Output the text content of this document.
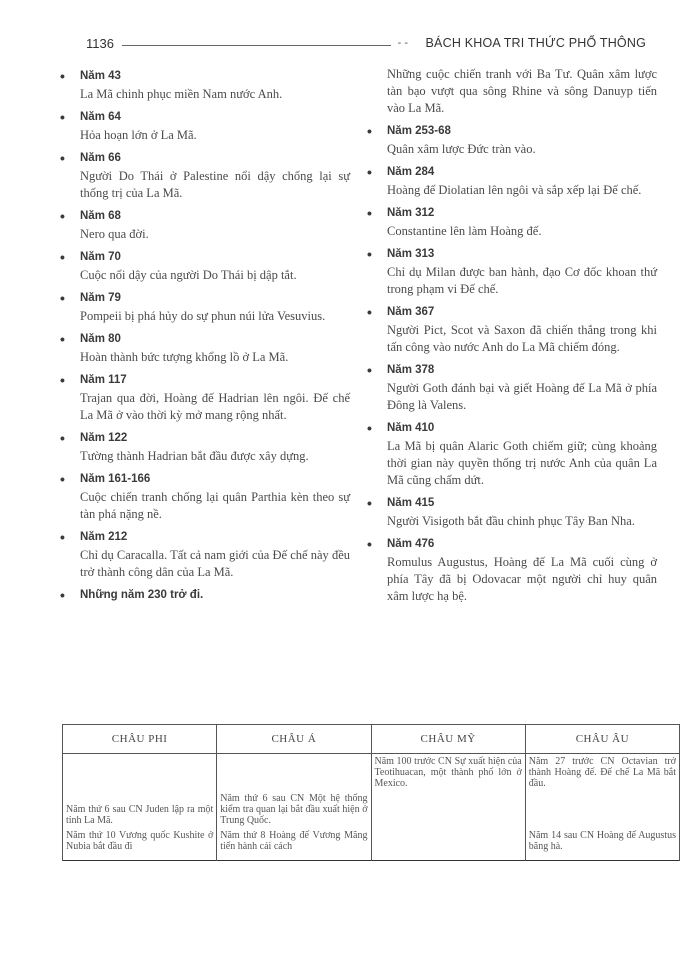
1136	- - BÁCH KHOA TRI THỨC PHỔ THÔNG
• Năm 43

La Mã chinh phục miền Nam nước Anh.

• Năm 64

Hỏa hoạn lớn ở La Mã.

• Năm 66

Người Do Thái ở Palestine nổi dậy chống lại sự thống trị của La Mã.

• Năm 68

Nero qua đời.

• Năm 70

Cuộc nổi dậy của người Do Thái bị dập tắt.

• Năm 79

Pompeii bị phá hủy do sự phun núi lửa Vesuvius.

• Năm 80

Hoàn thành bức tượng khổng lồ ở La Mã.

• Năm 117

Trajan qua đời, Hoàng đế Hadrian lên ngôi. Đế chế La Mã ở vào thời kỳ mở mang rộng nhất.

• Năm 122

Tường thành Hadrian bắt đầu được xây dựng.

• Năm 161-166

Cuộc chiến tranh chống lại quân Parthia kèn theo sự tàn phá nặng nề.

• Năm 212

Chỉ dụ Caracalla. Tất cả nam giới của Đế chế này đều trở thành công dân của La Mã.

• Những năm 230 trở đi.

Những cuộc chiến tranh với Ba Tư. Quân xâm lược tàn bạo vượt qua sông Rhine và sông Danuyp tiến vào La Mã.

• Năm 253-68

Quân xâm lược Đức tràn vào.

• Năm 284

Hoàng đế Diolatian lên ngôi và sắp xếp lại Đế chế.

• Năm 312

Constantine lên làm Hoàng đế.

• Năm 313

Chỉ dụ Milan được ban hành, đạo Cơ đốc khoan thứ trong phạm vi Đế chế.

• Năm 367

Người Pict, Scot và Saxon đã chiến thắng trong khi tấn công vào nước Anh do La Mã chiếm đóng.

• Năm 378

Người Goth đánh bại và giết Hoàng đế La Mã ở phía Đông là Valens.

• Năm 410

La Mã bị quân Alaric Goth chiếm giữ; cùng khoảng thời gian này quyền thống trị nước Anh của quân La Mã cũng chấm dứt.

• Năm 415

Người Visigoth bắt đầu chinh phục Tây Ban Nha.

• Năm 476

Romulus Augustus, Hoàng đế La Mã cuối cùng ở phía Tây đã bị Odovacar một người chỉ huy quân xâm lược hạ bệ.

CHÂU PHI	CHÂU Á	CHÂU MỸ	CHÂU ÂU
Năm thứ 6 sau CN Juden lập ra một tỉnh La Mã.	Năm thứ 6 sau CN Một hệ thống kiểm tra quan lại bắt đầu xuất hiện ở Trung Quốc.	Năm 100 trước CN Sự xuất hiện của Teotihuacan, một thành phố lớn ở Mexico.	Năm 27 trước CN Octavian trở thành Hoàng đế. Đế chế La Mã bắt đầu.
Năm thứ 10 Vương quốc Kushite ở Nubia bắt đầu đi	Năm thứ 8 Hoàng đế Vương Mãng tiến hành cải cách		Năm 14 sau CN Hoàng đế Augustus băng hà.
